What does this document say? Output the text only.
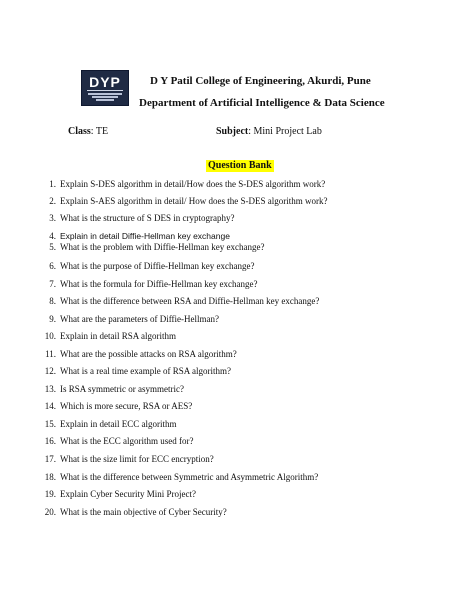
DYP	D Y Patil College of Engineering, Akurdi, Pune
Department of Artificial Intelligence & Data Science
Class: TE	Subject: Mini Project Lab
Question Bank
1. Explain S-DES algorithm in detail/How does the S-DES algorithm work?
2. Explain S-AES algorithm in detail/ How does the S-DES algorithm work?
3. What is the structure of S DES in cryptography?
4. Explain in detail Diffie-Hellman key exchange
5. What is the problem with Diffie-Hellman key exchange?
6. What is the purpose of Diffie-Hellman key exchange?
7. What is the formula for Diffie-Hellman key exchange?
8. What is the difference between RSA and Diffie-Hellman key exchange?
9. What are the parameters of Diffie-Hellman?
10. Explain in detail RSA algorithm
11. What are the possible attacks on RSA algorithm?
12. What is a real time example of RSA algorithm?
13. Is RSA symmetric or asymmetric?
14. Which is more secure, RSA or AES?
15. Explain in detail ECC algorithm
16. What is the ECC algorithm used for?
17. What is the size limit for ECC encryption?
18. What is the difference between Symmetric and Asymmetric Algorithm?
19. Explain Cyber Security Mini Project?
20. What is the main objective of Cyber Security?
